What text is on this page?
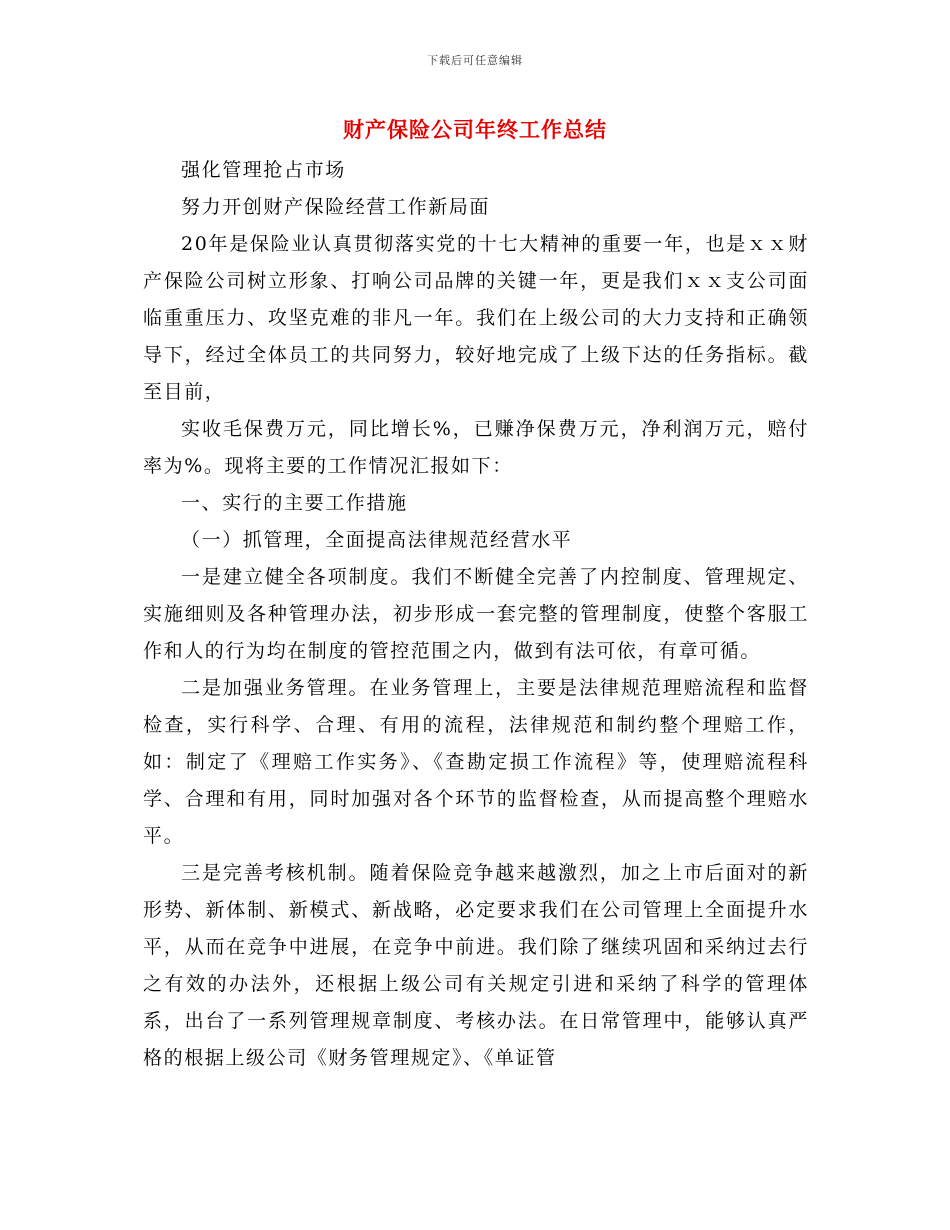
下载后可任意编辑
财产保险公司年终工作总结

强化管理抢占市场

努力开创财产保险经营工作新局面

20年是保险业认真贯彻落实党的十七大精神的重要一年，也是ｘｘ财产保险公司树立形象、打响公司品牌的关键一年，更是我们ｘｘ支公司面临重重压力、攻坚克难的非凡一年。我们在上级公司的大力支持和正确领导下，经过全体员工的共同努力，较好地完成了上级下达的任务指标。截至目前，

实收毛保费万元，同比增长%，已赚净保费万元，净利润万元，赔付率为%。现将主要的工作情况汇报如下：

一、实行的主要工作措施

（一）抓管理，全面提高法律规范经营水平

一是建立健全各项制度。我们不断健全完善了内控制度、管理规定、实施细则及各种管理办法，初步形成一套完整的管理制度，使整个客服工作和人的行为均在制度的管控范围之内，做到有法可依，有章可循。

二是加强业务管理。在业务管理上，主要是法律规范理赔流程和监督检查，实行科学、合理、有用的流程，法律规范和制约整个理赔工作，如：制定了《理赔工作实务》、《查勘定损工作流程》等，使理赔流程科学、合理和有用，同时加强对各个环节的监督检查，从而提高整个理赔水平。

三是完善考核机制。随着保险竞争越来越激烈，加之上市后面对的新形势、新体制、新模式、新战略，必定要求我们在公司管理上全面提升水平，从而在竞争中进展，在竞争中前进。我们除了继续巩固和采纳过去行之有效的办法外，还根据上级公司有关规定引进和采纳了科学的管理体系，出台了一系列管理规章制度、考核办法。在日常管理中，能够认真严格的根据上级公司《财务管理规定》、《单证管
